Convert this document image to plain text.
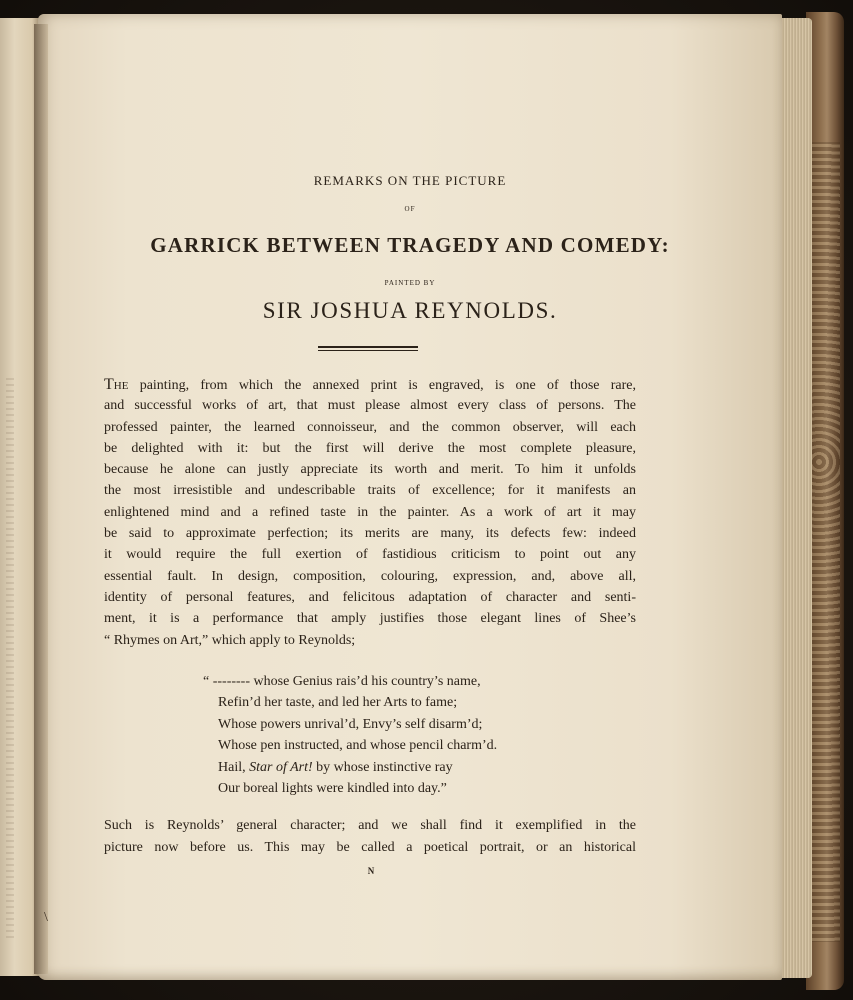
REMARKS ON THE PICTURE
OF
GARRICK BETWEEN TRAGEDY AND COMEDY:
PAINTED BY
SIR JOSHUA REYNOLDS.
The painting, from which the annexed print is engraved, is one of those rare,
and successful works of art, that must please almost every class of persons. The
professed painter, the learned connoisseur, and the common observer, will each
be delighted with it: but the first will derive the most complete pleasure,
because he alone can justly appreciate its worth and merit. To him it unfolds
the most irresistible and undescribable traits of excellence; for it manifests an
enlightened mind and a refined taste in the painter. As a work of art it may
be said to approximate perfection; its merits are many, its defects few: indeed
it would require the full exertion of fastidious criticism to point out any
essential fault. In design, composition, colouring, expression, and, above all,
identity of personal features, and felicitous adaptation of character and senti-
ment, it is a performance that amply justifies those elegant lines of Shee’s
“ Rhymes on Art,” which apply to Reynolds;
“ -------- whose Genius rais’d his country’s name,
Refin’d her taste, and led her Arts to fame;
Whose powers unrival’d, Envy’s self disarm’d;
Whose pen instructed, and whose pencil charm’d.
Hail, Star of Art! by whose instinctive ray
Our boreal lights were kindled into day.”
Such is Reynolds’ general character; and we shall find it exemplified in the
picture now before us. This may be called a poetical portrait, or an historical
N
\
